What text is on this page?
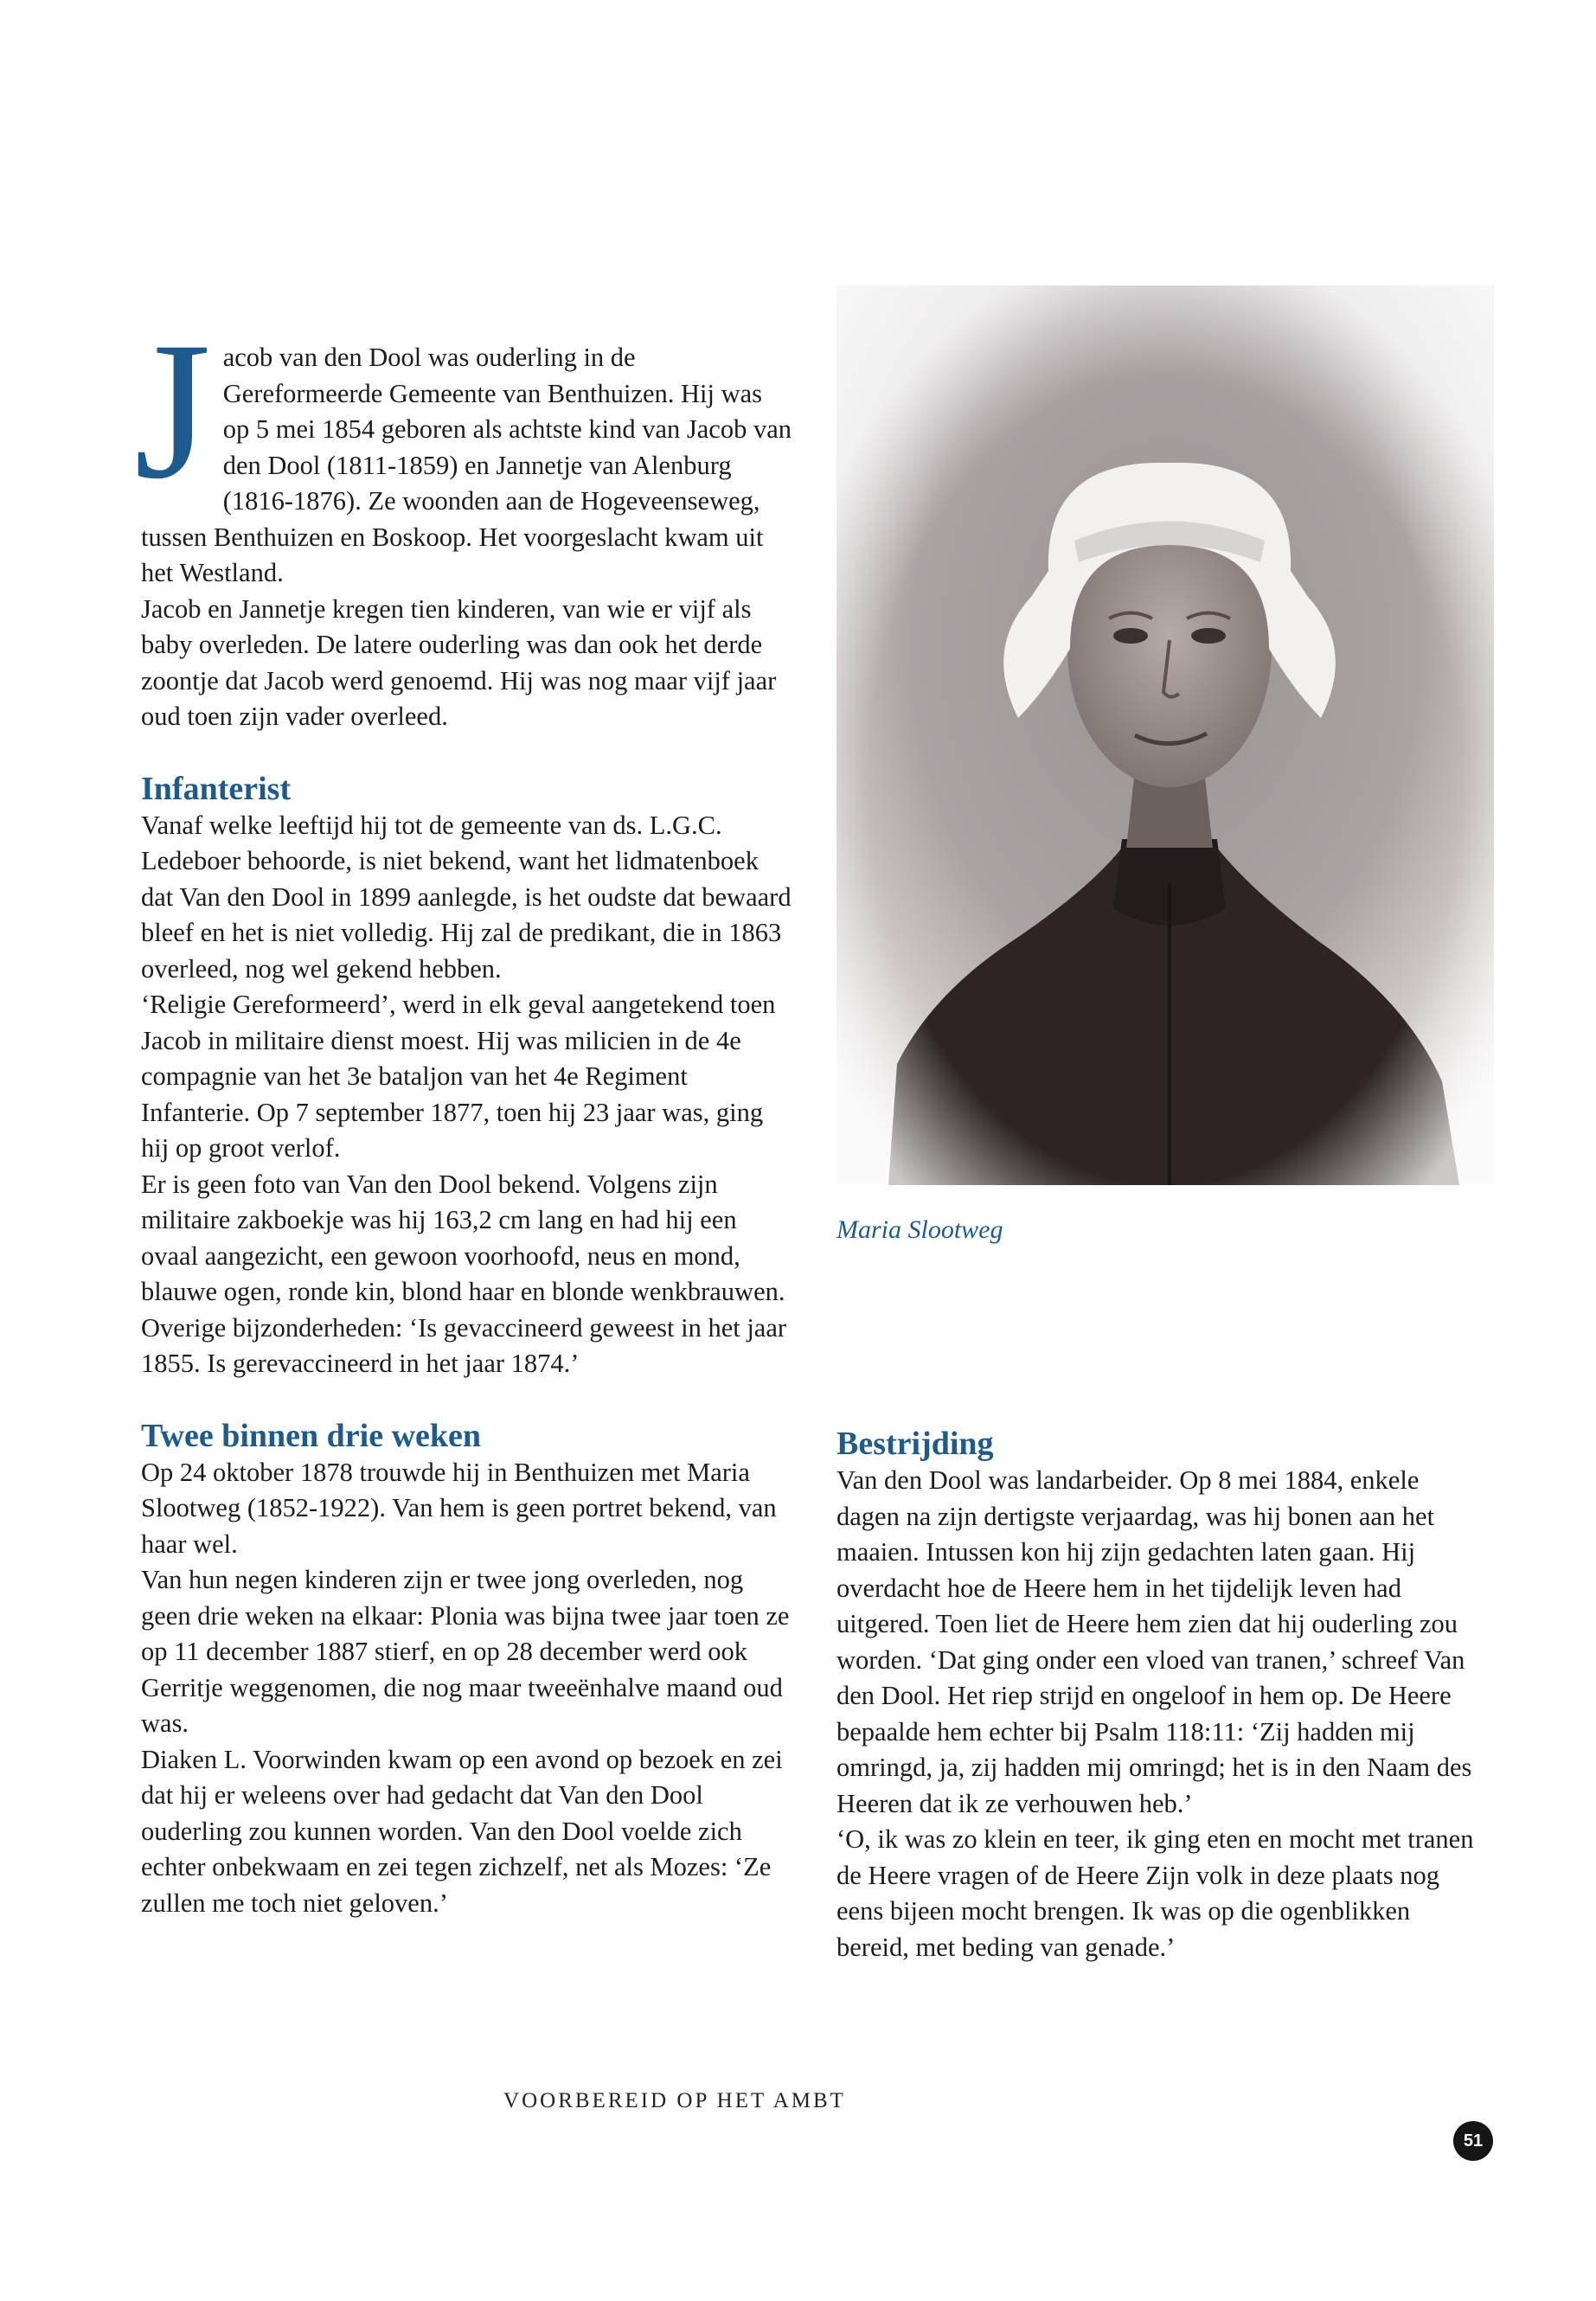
Jacob van den Dool was ouderling in de Gereformeerde Gemeente van Benthuizen. Hij was op 5 mei 1854 geboren als achtste kind van Jacob van den Dool (1811-1859) en Jannetje van Alenburg (1816-1876). Ze woonden aan de Hogeveenseweg, tussen Benthuizen en Boskoop. Het voorgeslacht kwam uit het Westland.

Jacob en Jannetje kregen tien kinderen, van wie er vijf als baby overleden. De latere ouderling was dan ook het derde zoontje dat Jacob werd genoemd. Hij was nog maar vijf jaar oud toen zijn vader overleed.

Infanterist

Vanaf welke leeftijd hij tot de gemeente van ds. L.G.C. Ledeboer behoorde, is niet bekend, want het lidmatenboek dat Van den Dool in 1899 aanlegde, is het oudste dat bewaard bleef en het is niet volledig. Hij zal de predikant, die in 1863 overleed, nog wel gekend hebben.

‘Religie Gereformeerd’, werd in elk geval aangetekend toen Jacob in militaire dienst moest. Hij was milicien in de 4e compagnie van het 3e bataljon van het 4e Regiment Infanterie. Op 7 september 1877, toen hij 23 jaar was, ging hij op groot verlof.

Er is geen foto van Van den Dool bekend. Volgens zijn militaire zakboekje was hij 163,2 cm lang en had hij een ovaal aangezicht, een gewoon voorhoofd, neus en mond, blauwe ogen, ronde kin, blond haar en blonde wenkbrauwen. Overige bijzonderheden: ‘Is gevaccineerd geweest in het jaar 1855. Is gerevaccineerd in het jaar 1874.’

Twee binnen drie weken

Op 24 oktober 1878 trouwde hij in Benthuizen met Maria Slootweg (1852-1922). Van hem is geen portret bekend, van haar wel.

Van hun negen kinderen zijn er twee jong overleden, nog geen drie weken na elkaar: Plonia was bijna twee jaar toen ze op 11 december 1887 stierf, en op 28 december werd ook Gerritje weggenomen, die nog maar tweeënhalve maand oud was.

Diaken L. Voorwinden kwam op een avond op bezoek en zei dat hij er weleens over had gedacht dat Van den Dool ouderling zou kunnen worden. Van den Dool voelde zich echter onbekwaam en zei tegen zichzelf, net als Mozes: ‘Ze zullen me toch niet geloven.’

Maria Slootweg
Bestrijding

Van den Dool was landarbeider. Op 8 mei 1884, enkele dagen na zijn dertigste verjaardag, was hij bonen aan het maaien. Intussen kon hij zijn gedachten laten gaan. Hij overdacht hoe de Heere hem in het tijdelijk leven had uitgered. Toen liet de Heere hem zien dat hij ouderling zou worden. ‘Dat ging onder een vloed van tranen,’ schreef Van den Dool. Het riep strijd en ongeloof in hem op. De Heere bepaalde hem echter bij Psalm 118:11: ‘Zij hadden mij omringd, ja, zij hadden mij omringd; het is in den Naam des Heeren dat ik ze verhouwen heb.’

‘O, ik was zo klein en teer, ik ging eten en mocht met tranen de Heere vragen of de Heere Zijn volk in deze plaats nog eens bijeen mocht brengen. Ik was op die ogenblikken bereid, met beding van genade.’

VOORBEREID OP HET AMBT
51
